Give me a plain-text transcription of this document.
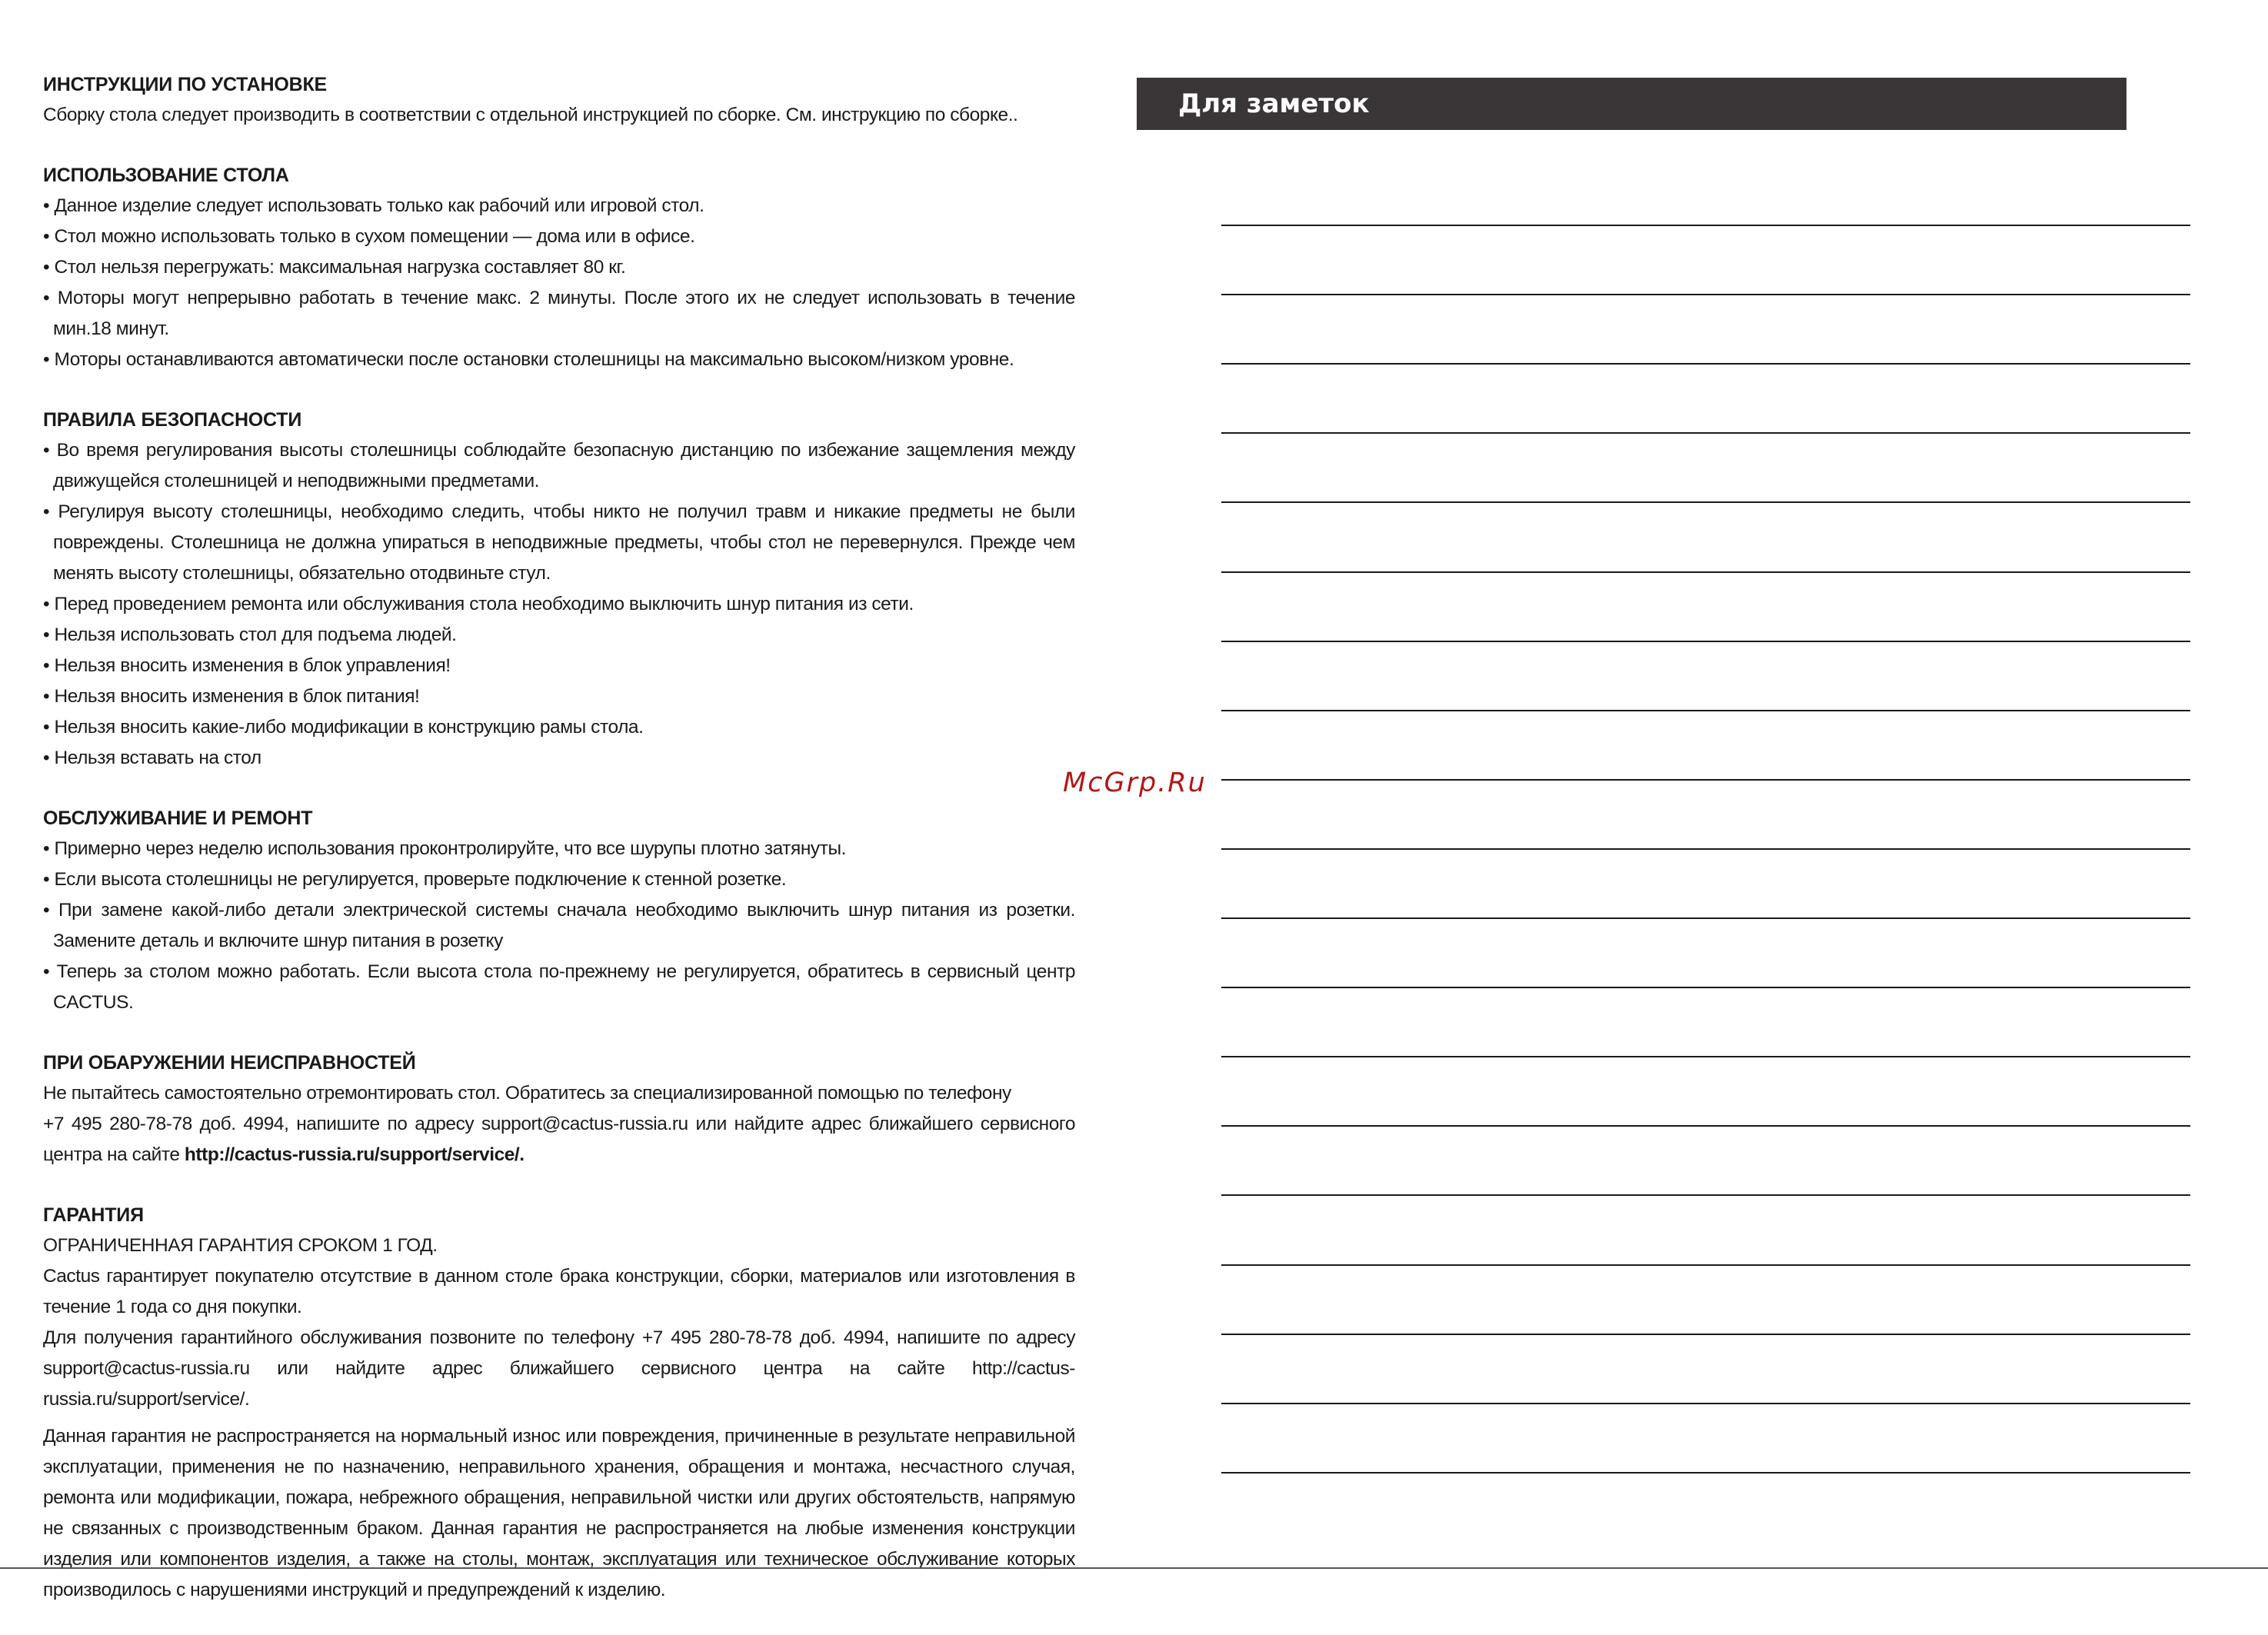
ИНСТРУКЦИИ ПО УСТАНОВКЕ

Сборку стола следует производить в соответствии с отдельной инструкцией по сборке. См. инструкцию по сборке..

ИСПОЛЬЗОВАНИЕ СТОЛА

• Данное изделие следует использовать только как рабочий или игровой стол.

• Стол можно использовать только в сухом помещении — дома или в офисе.

• Стол нельзя перегружать: максимальная нагрузка составляет 80 кг.

• Моторы могут непрерывно работать в течение макс. 2 минуты. После этого их не следует использовать в течение мин.18 минут.

• Моторы останавливаются автоматически после остановки столешницы на максимально высоком/низком уровне.

ПРАВИЛА БЕЗОПАСНОСТИ

• Во время регулирования высоты столешницы соблюдайте безопасную дистанцию по избежание защемления между движущейся столешницей и неподвижными предметами.

• Регулируя высоту столешницы, необходимо следить, чтобы никто не получил травм и никакие предметы не были повреждены. Столешница не должна упираться в неподвижные предметы, чтобы стол не перевернулся. Прежде чем менять высоту столешницы, обязательно отодвиньте стул.

• Перед проведением ремонта или обслуживания стола необходимо выключить шнур питания из сети.

• Нельзя использовать стол для подъема людей.

• Нельзя вносить изменения в блок управления!

• Нельзя вносить изменения в блок питания!

• Нельзя вносить какие-либо модификации в конструкцию рамы стола.

• Нельзя вставать на стол

ОБСЛУЖИВАНИЕ И РЕМОНТ

• Примерно через неделю использования проконтролируйте, что все шурупы плотно затянуты.

• Если высота столешницы не регулируется, проверьте подключение к стенной розетке.

• При замене какой-либо детали электрической системы сначала необходимо выключить шнур питания из розетки. Замените деталь и включите шнур питания в розетку

• Теперь за столом можно работать. Если высота стола по-прежнему не регулируется, обратитесь в сервисный центр CACTUS.

ПРИ ОБАРУЖЕНИИ НЕИСПРАВНОСТЕЙ

Не пытайтесь самостоятельно отремонтировать стол. Обратитесь за специализированной помощью по телефону

+7 495 280-78-78 доб. 4994, напишите по адресу support@cactus-russia.ru или найдите адрес ближайшего сервисного центра на сайте http://cactus-russia.ru/support/service/.

ГАРАНТИЯ

ОГРАНИЧЕННАЯ ГАРАНТИЯ СРОКОМ 1 ГОД.

Cactus гарантирует покупателю отсутствие в данном столе брака конструкции, сборки, материалов или изготовления в течение 1 года со дня покупки.

Для получения гарантийного обслуживания позвоните по телефону +7 495 280-78-78 доб. 4994, напишите по адресу support@cactus-russia.ru или найдите адрес ближайшего сервисного центра на сайте http://cactus-russia.ru/support/service/.

Данная гарантия не распространяется на нормальный износ или повреждения, причиненные в результате неправильной эксплуатации, применения не по назначению, неправильного хранения, обращения и монтажа, несчастного случая, ремонта или модификации, пожара, небрежного обращения, неправильной чистки или других обстоятельств, напрямую не связанных с производственным браком. Данная гарантия не распространяется на любые изменения конструкции изделия или компонентов изделия, а также на столы, монтаж, эксплуатация или техническое обслуживание которых производилось с нарушениями инструкций и предупреждений к изделию.

Для заметок
McGrp.Ru
